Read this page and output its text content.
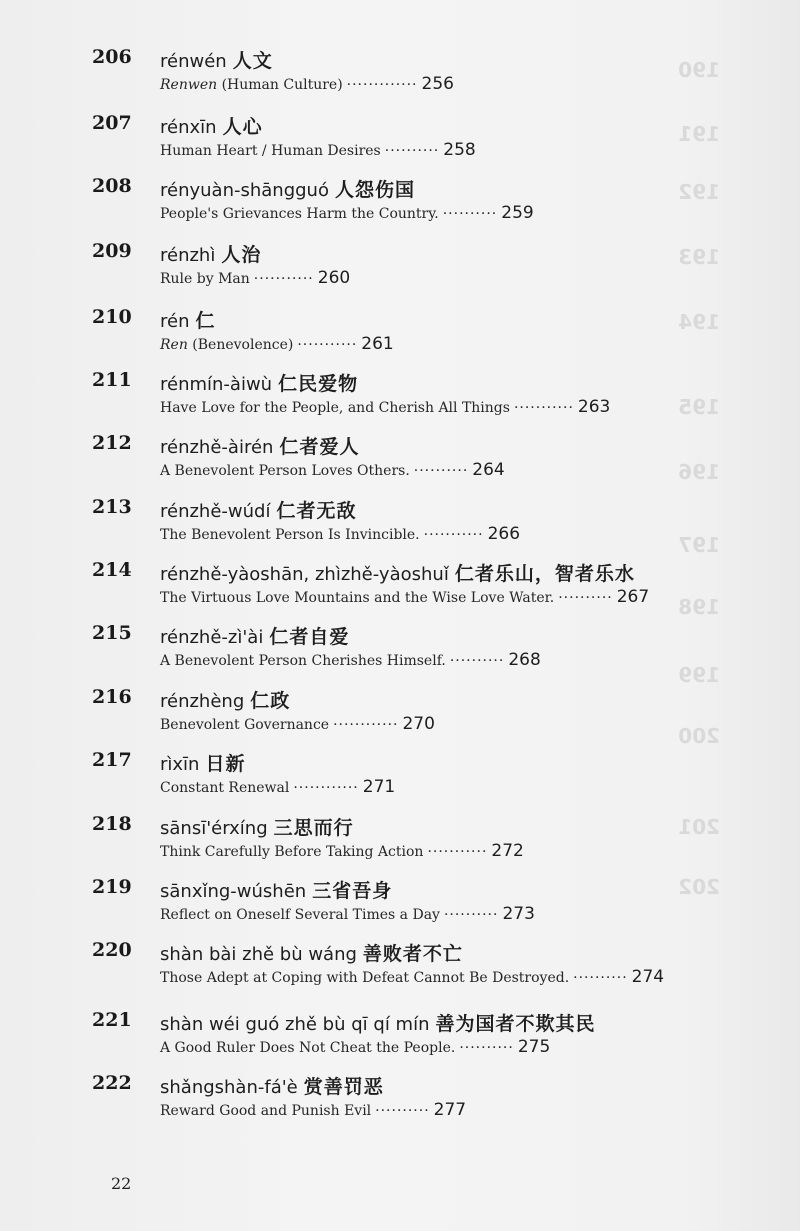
190
191
192
193
194
195
196
197
198
199
200
201
202
206 rénwén 人文
Renwen (Human Culture) ············· 256
207 rénxīn 人心
Human Heart / Human Desires ·········· 258
208 rényuàn-shāngguó 人怨伤国
People's Grievances Harm the Country. ·········· 259
209 rénzhì 人治
Rule by Man ··········· 260
210 rén 仁
Ren (Benevolence) ··········· 261
211 rénmín-àiwù 仁民爱物
Have Love for the People, and Cherish All Things ··········· 263
212 rénzhě-àirén 仁者爱人
A Benevolent Person Loves Others. ·········· 264
213 rénzhě-wúdí 仁者无敌
The Benevolent Person Is Invincible. ··········· 266
214 rénzhě-yàoshān, zhìzhě-yàoshuǐ 仁者乐山，智者乐水
The Virtuous Love Mountains and the Wise Love Water. ·········· 267
215 rénzhě-zì'ài 仁者自爱
A Benevolent Person Cherishes Himself. ·········· 268
216 rénzhèng 仁政
Benevolent Governance ············ 270
217 rìxīn 日新
Constant Renewal ············ 271
218 sānsī'érxíng 三思而行
Think Carefully Before Taking Action ··········· 272
219 sānxǐng-wúshēn 三省吾身
Reflect on Oneself Several Times a Day ·········· 273
220 shàn bài zhě bù wáng 善败者不亡
Those Adept at Coping with Defeat Cannot Be Destroyed. ·········· 274
221 shàn wéi guó zhě bù qī qí mín 善为国者不欺其民
A Good Ruler Does Not Cheat the People. ·········· 275
222 shǎngshàn-fá'è 赏善罚恶
Reward Good and Punish Evil ·········· 277
22
